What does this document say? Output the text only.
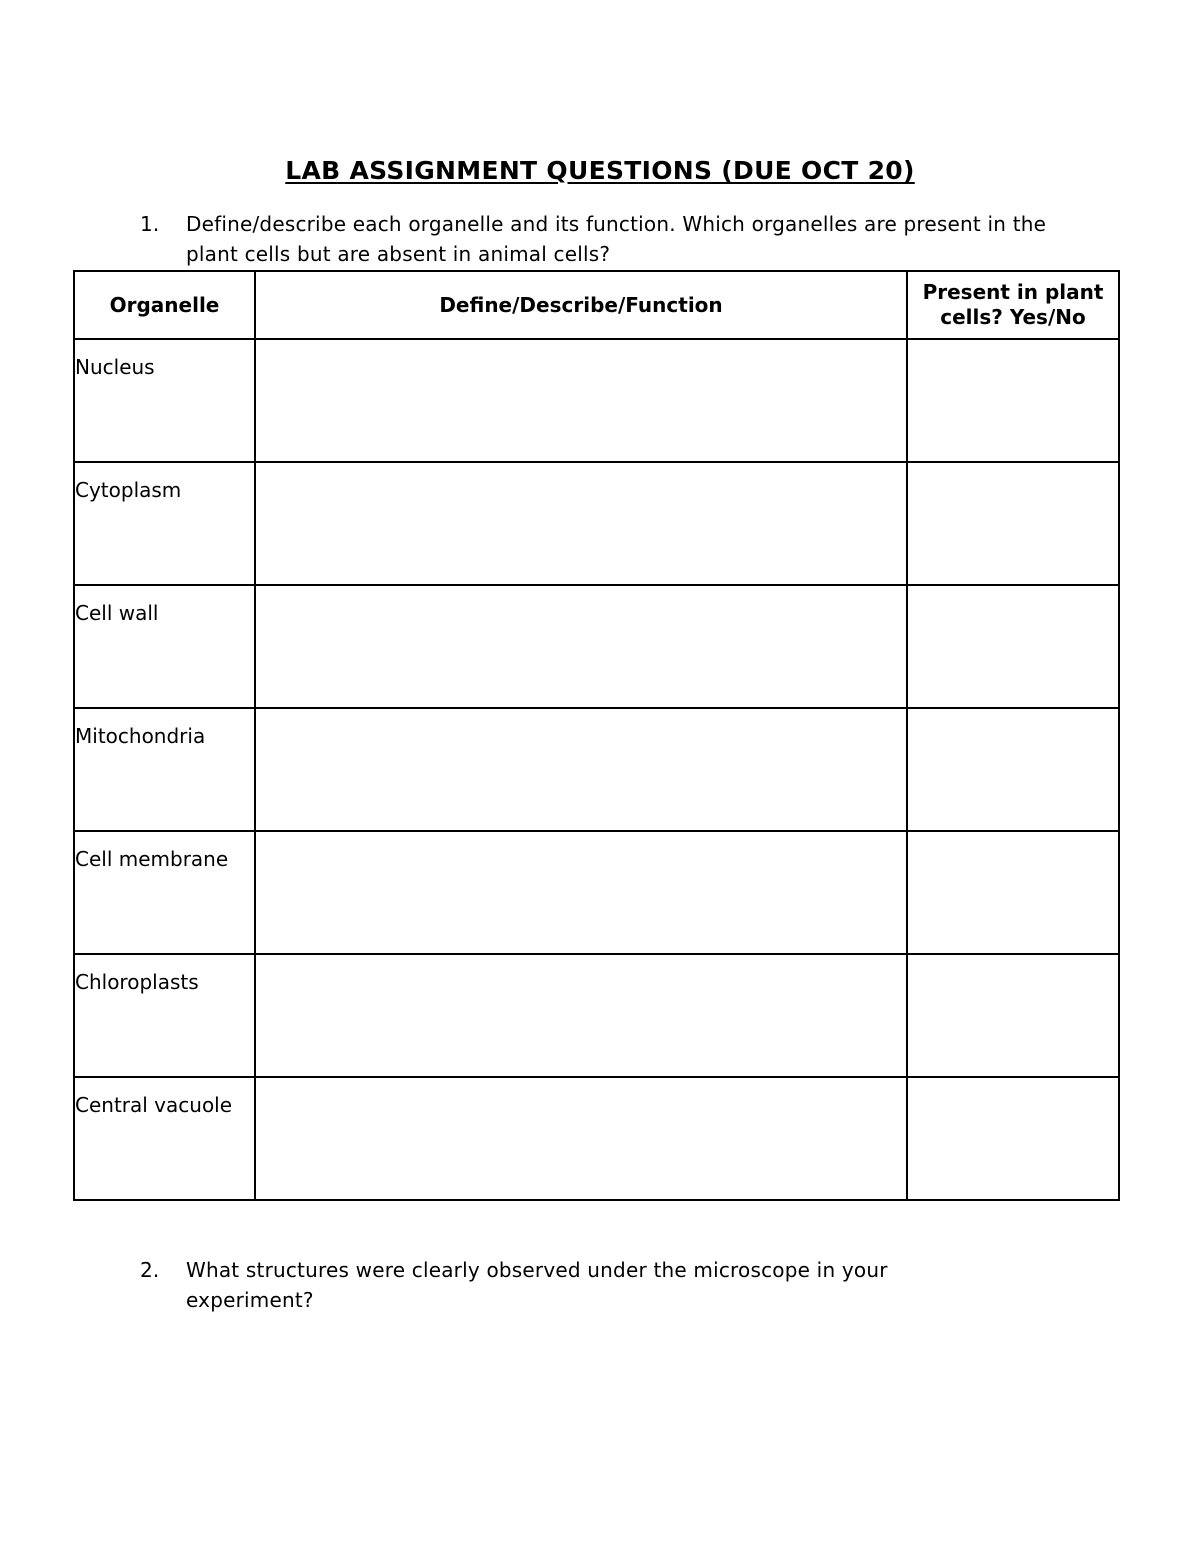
LAB ASSIGNMENT QUESTIONS (DUE OCT 20)
1. Define/describe each organelle and its function. Which organelles are present in the plant cells but are absent in animal cells?
Organelle	Define/Describe/Function	Present in plant cells? Yes/No
Nucleus		
Cytoplasm		
Cell wall		
Mitochondria		
Cell membrane		
Chloroplasts		
Central vacuole		
2. What structures were clearly observed under the microscope in your experiment?
